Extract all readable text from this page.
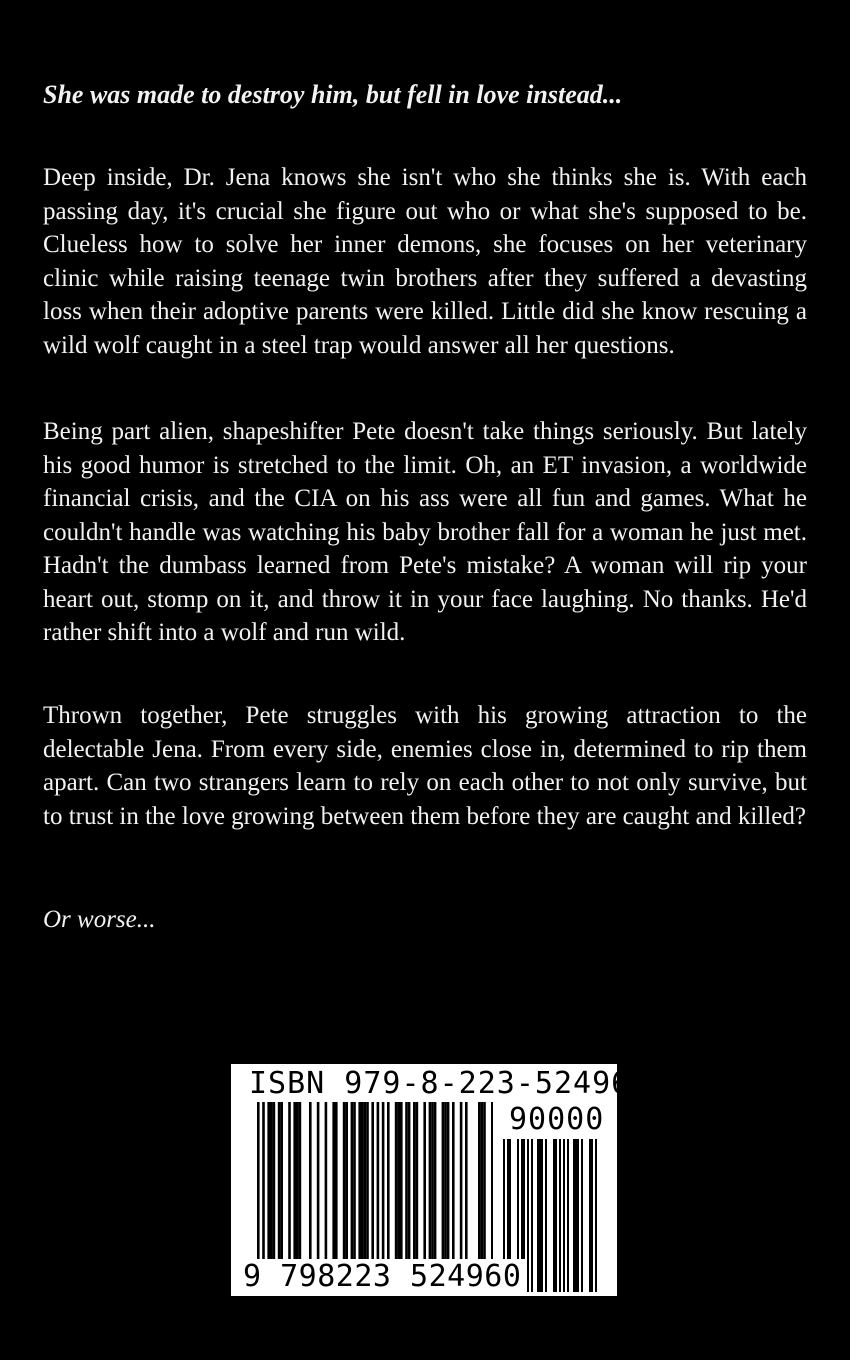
She was made to destroy him, but fell in love instead...
Deep inside, Dr. Jena knows she isn't who she thinks she is. With each passing day, it's crucial she figure out who or what she's supposed to be. Clueless how to solve her inner demons, she focuses on her veterinary clinic while raising teenage twin brothers after they suffered a devasting loss when their adoptive parents were killed. Little did she know rescuing a wild wolf caught in a steel trap would answer all her questions.
Being part alien, shapeshifter Pete doesn't take things seriously. But lately his good humor is stretched to the limit. Oh, an ET invasion, a worldwide financial crisis, and the CIA on his ass were all fun and games. What he couldn't handle was watching his baby brother fall for a woman he just met. Hadn't the dumbass learned from Pete's mistake? A woman will rip your heart out, stomp on it, and throw it in your face laughing. No thanks. He'd rather shift into a wolf and run wild.
Thrown together, Pete struggles with his growing attraction to the delectable Jena. From every side, enemies close in, determined to rip them apart. Can two strangers learn to rely on each other to not only survive, but to trust in the love growing between them before they are caught and killed?
Or worse...
ISBN 979-8-223-52496-0
90000
9 798223 524960
